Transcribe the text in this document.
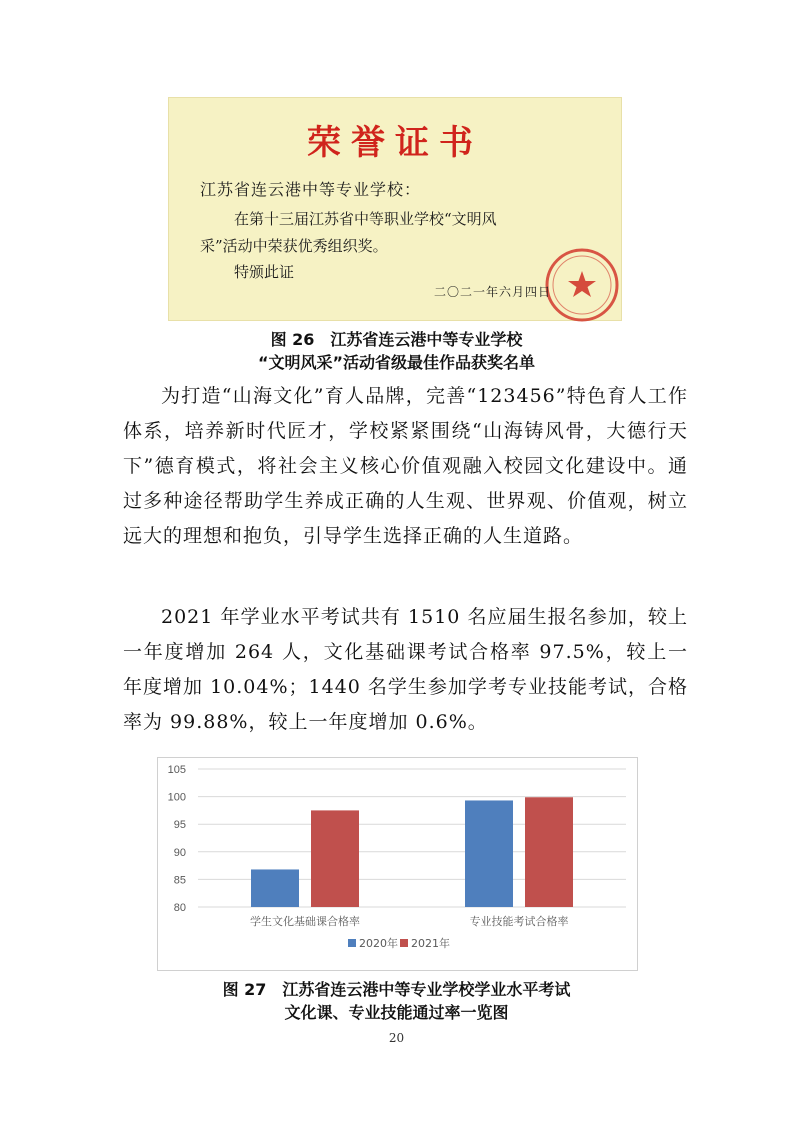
荣誉证书
江苏省连云港中等专业学校：
在第十三届江苏省中等职业学校“文明风
采”活动中荣获优秀组织奖。
特颁此证
二〇二一年六月四日
图 26　江苏省连云港中等专业学校
“文明风采”活动省级最佳作品获奖名单
为打造“山海文化”育人品牌，完善“123456”特色育人工作体系，培养新时代匠才，学校紧紧围绕“山海铸风骨，大德行天下”德育模式，将社会主义核心价值观融入校园文化建设中。通过多种途径帮助学生养成正确的人生观、世界观、价值观，树立远大的理想和抱负，引导学生选择正确的人生道路。
2021 年学业水平考试共有 1510 名应届生报名参加，较上一年度增加 264 人，文化基础课考试合格率 97.5%，较上一年度增加 10.04%；1440 名学生参加学考专业技能考试，合格率为 99.88%，较上一年度增加 0.6%。
80
85
90
95
100
105
学生文化基础课合格率	专业技能考试合格率
2020年 2021年
图 27　江苏省连云港中等专业学校学业水平考试
文化课、专业技能通过率一览图
20
